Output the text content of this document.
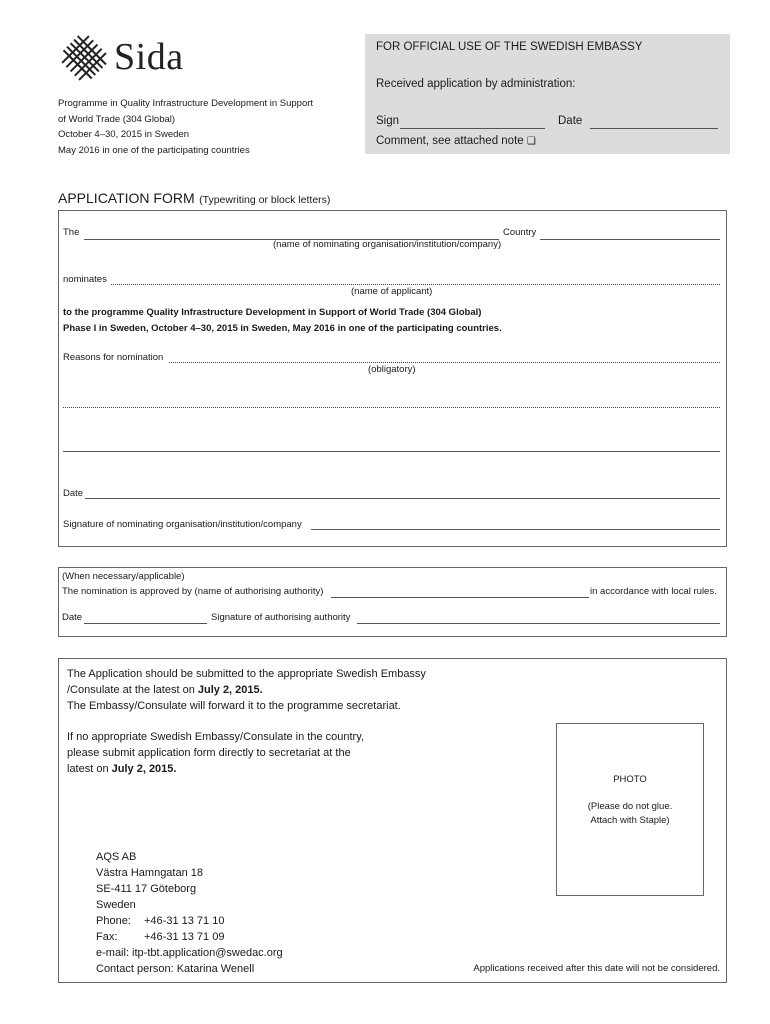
Sida
Programme in Quality Infrastructure Development in Support
of World Trade (304 Global)
October 4–30, 2015 in Sweden
May 2016 in one of the participating countries
FOR OFFICIAL USE OF THE SWEDISH EMBASSY
Received application by administration:
Sign	Date
Comment, see attached note ❏
APPLICATION FORM (Typewriting or block letters)
The	Country
(name of nominating organisation/institution/company)
nominates
(name of applicant)
to the programme Quality Infrastructure Development in Support of World Trade (304 Global)
Phase I in Sweden, October 4–30, 2015 in Sweden, May 2016 in one of the participating countries.
Reasons for nomination
(obligatory)
Date
Signature of nominating organisation/institution/company
(When necessary/applicable)
The nomination is approved by (name of authorising authority)	in accordance with local rules.
Date	Signature of authorising authority
The Application should be submitted to the appropriate Swedish Embassy
/Consulate at the latest on July 2, 2015.
The Embassy/Consulate will forward it to the programme secretariat.
If no appropriate Swedish Embassy/Consulate in the country,
please submit application form directly to secretariat at the
latest on July 2, 2015.
AQS AB
Västra Hamngatan 18
SE-411 17 Göteborg
Sweden
Phone: +46-31 13 71 10
Fax: +46-31 13 71 09
e-mail: itp-tbt.application@swedac.org
Contact person: Katarina Wenell
PHOTO
(Please do not glue.
Attach with Staple)
Applications received after this date will not be considered.
